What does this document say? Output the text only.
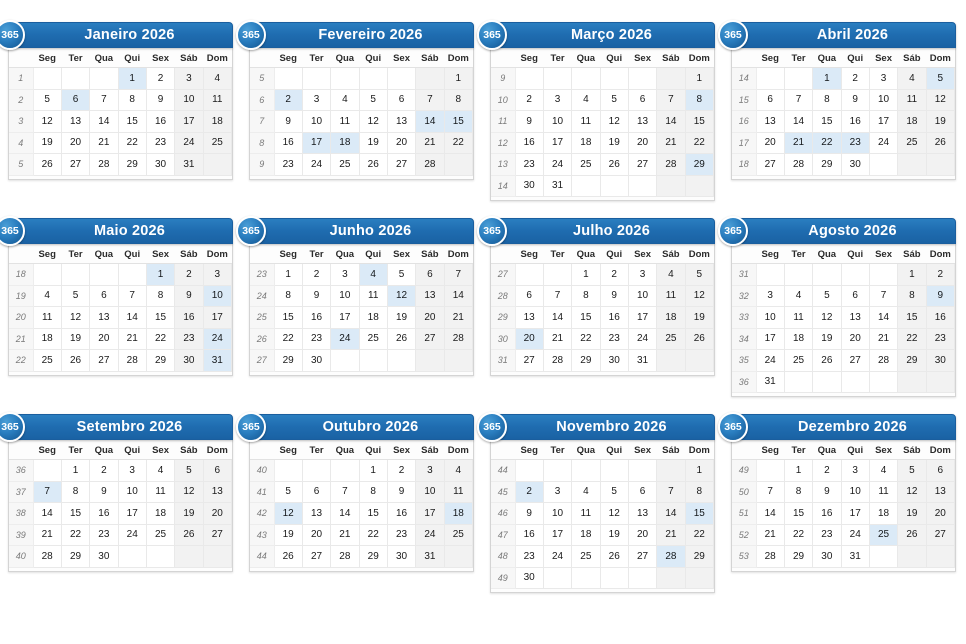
365	Janeiro 2026
	Seg	Ter	Qua	Qui	Sex	Sáb	Dom
1				1	2	3	4
2	5	6	7	8	9	10	11
3	12	13	14	15	16	17	18
4	19	20	21	22	23	24	25
5	26	27	28	29	30	31	
365	Fevereiro 2026
	Seg	Ter	Qua	Qui	Sex	Sáb	Dom
5							1
6	2	3	4	5	6	7	8
7	9	10	11	12	13	14	15
8	16	17	18	19	20	21	22
9	23	24	25	26	27	28	
365	Março 2026
	Seg	Ter	Qua	Qui	Sex	Sáb	Dom
9							1
10	2	3	4	5	6	7	8
11	9	10	11	12	13	14	15
12	16	17	18	19	20	21	22
13	23	24	25	26	27	28	29
14	30	31					
365	Abril 2026
	Seg	Ter	Qua	Qui	Sex	Sáb	Dom
14			1	2	3	4	5
15	6	7	8	9	10	11	12
16	13	14	15	16	17	18	19
17	20	21	22	23	24	25	26
18	27	28	29	30			
365	Maio 2026
	Seg	Ter	Qua	Qui	Sex	Sáb	Dom
18					1	2	3
19	4	5	6	7	8	9	10
20	11	12	13	14	15	16	17
21	18	19	20	21	22	23	24
22	25	26	27	28	29	30	31
365	Junho 2026
	Seg	Ter	Qua	Qui	Sex	Sáb	Dom
23	1	2	3	4	5	6	7
24	8	9	10	11	12	13	14
25	15	16	17	18	19	20	21
26	22	23	24	25	26	27	28
27	29	30					
365	Julho 2026
	Seg	Ter	Qua	Qui	Sex	Sáb	Dom
27			1	2	3	4	5
28	6	7	8	9	10	11	12
29	13	14	15	16	17	18	19
30	20	21	22	23	24	25	26
31	27	28	29	30	31		
365	Agosto 2026
	Seg	Ter	Qua	Qui	Sex	Sáb	Dom
31						1	2
32	3	4	5	6	7	8	9
33	10	11	12	13	14	15	16
34	17	18	19	20	21	22	23
35	24	25	26	27	28	29	30
36	31						
365	Setembro 2026
	Seg	Ter	Qua	Qui	Sex	Sáb	Dom
36		1	2	3	4	5	6
37	7	8	9	10	11	12	13
38	14	15	16	17	18	19	20
39	21	22	23	24	25	26	27
40	28	29	30				
365	Outubro 2026
	Seg	Ter	Qua	Qui	Sex	Sáb	Dom
40				1	2	3	4
41	5	6	7	8	9	10	11
42	12	13	14	15	16	17	18
43	19	20	21	22	23	24	25
44	26	27	28	29	30	31	
365	Novembro 2026
	Seg	Ter	Qua	Qui	Sex	Sáb	Dom
44							1
45	2	3	4	5	6	7	8
46	9	10	11	12	13	14	15
47	16	17	18	19	20	21	22
48	23	24	25	26	27	28	29
49	30						
365	Dezembro 2026
	Seg	Ter	Qua	Qui	Sex	Sáb	Dom
49		1	2	3	4	5	6
50	7	8	9	10	11	12	13
51	14	15	16	17	18	19	20
52	21	22	23	24	25	26	27
53	28	29	30	31			
